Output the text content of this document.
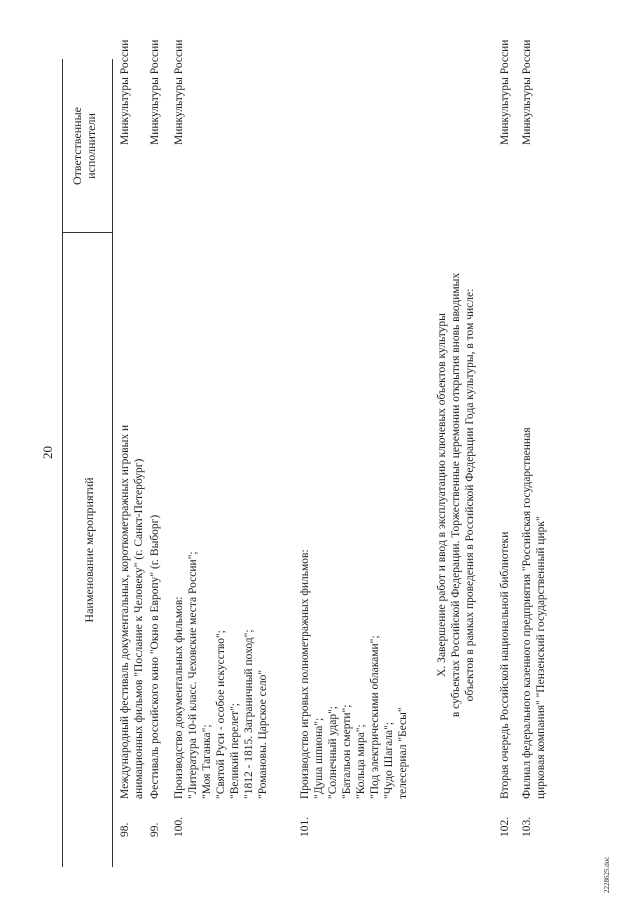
20
Наименование мероприятий
Ответственные
исполнители
98.
Международный фестиваль документальных, короткометражных игровых и
анимационных фильмов "Послание к Человеку" (г. Санкт-Петербург)
Минкультуры России
99.
Фестиваль российского кино "Окно в Европу" (г. Выборг)
Минкультуры России
100.
Производство документальных фильмов:
"Литература 10-й класс. Чеховские места России";
"Моя Таганка";
"Святой Руси - особое искусство";
"Великий перелет";
"1812 - 1815. Заграничный поход";
"Романовы. Царское село"
Минкультуры России
101.
Производство игровых полнометражных фильмов:
"Душа шпиона";
"Солнечный удар";
"Батальон смерти";
"Кольца мира";
"Под электрическими облаками";
"Чудо Шагала";
телесериал "Бесы"
X. Завершение работ и ввод в эксплуатацию ключевых объектов культуры
в субъектах Российской Федерации. Торжественные церемонии открытия вновь вводимых
объектов в рамках проведения в Российской Федерации Года культуры, в том числе:
102.
Вторая очередь Российской национальной библиотеки
Минкультуры России
103.
Филиал федерального казенного предприятия "Российская государственная
цирковая компания" "Пензенский государственный цирк"
Минкультуры России
2228625.doc
